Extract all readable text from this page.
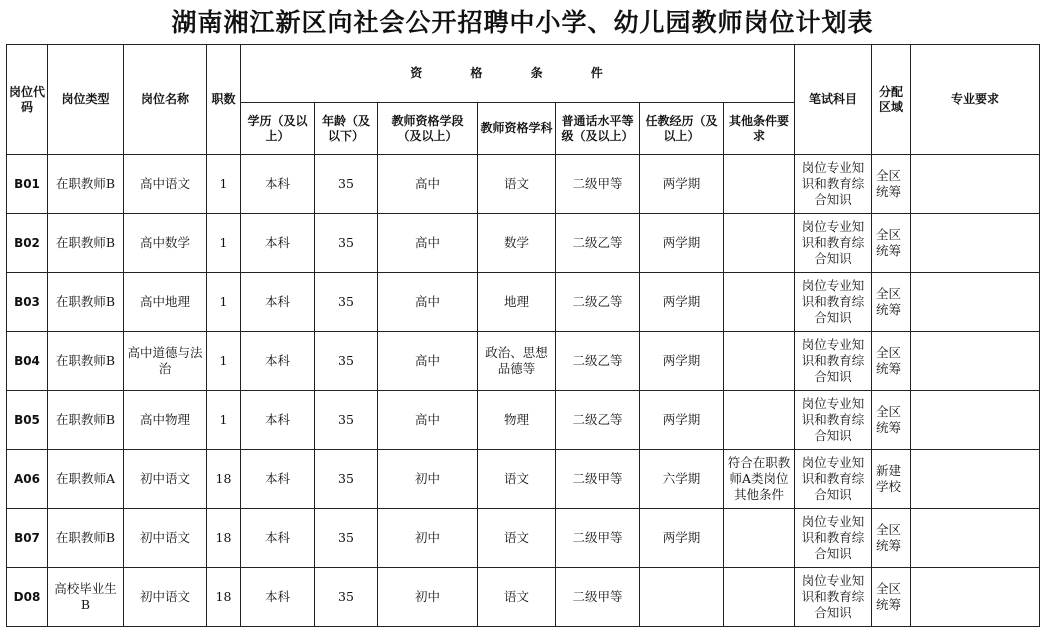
湖南湘江新区向社会公开招聘中小学、幼儿园教师岗位计划表
岗位代码	岗位类型	岗位名称	职数	资 格 条 件							笔试科目	分配区域	专业要求
				学历（及以上）	年龄（及以下）	教师资格学段（及以上）	教师资格学科	普通话水平等级（及以上）	任教经历（及以上）	其他条件要求			
B01	在职教师B	高中语文	1	本科	35	高中	语文	二级甲等	两学期		岗位专业知识和教育综合知识	全区统筹	
B02	在职教师B	高中数学	1	本科	35	高中	数学	二级乙等	两学期		岗位专业知识和教育综合知识	全区统筹	
B03	在职教师B	高中地理	1	本科	35	高中	地理	二级乙等	两学期		岗位专业知识和教育综合知识	全区统筹	
B04	在职教师B	高中道德与法治	1	本科	35	高中	政治、思想品德等	二级乙等	两学期		岗位专业知识和教育综合知识	全区统筹	
B05	在职教师B	高中物理	1	本科	35	高中	物理	二级乙等	两学期		岗位专业知识和教育综合知识	全区统筹	
A06	在职教师A	初中语文	18	本科	35	初中	语文	二级甲等	六学期	符合在职教师A类岗位其他条件	岗位专业知识和教育综合知识	新建学校	
B07	在职教师B	初中语文	18	本科	35	初中	语文	二级甲等	两学期		岗位专业知识和教育综合知识	全区统筹	
D08	高校毕业生B	初中语文	18	本科	35	初中	语文	二级甲等			岗位专业知识和教育综合知识	全区统筹	
